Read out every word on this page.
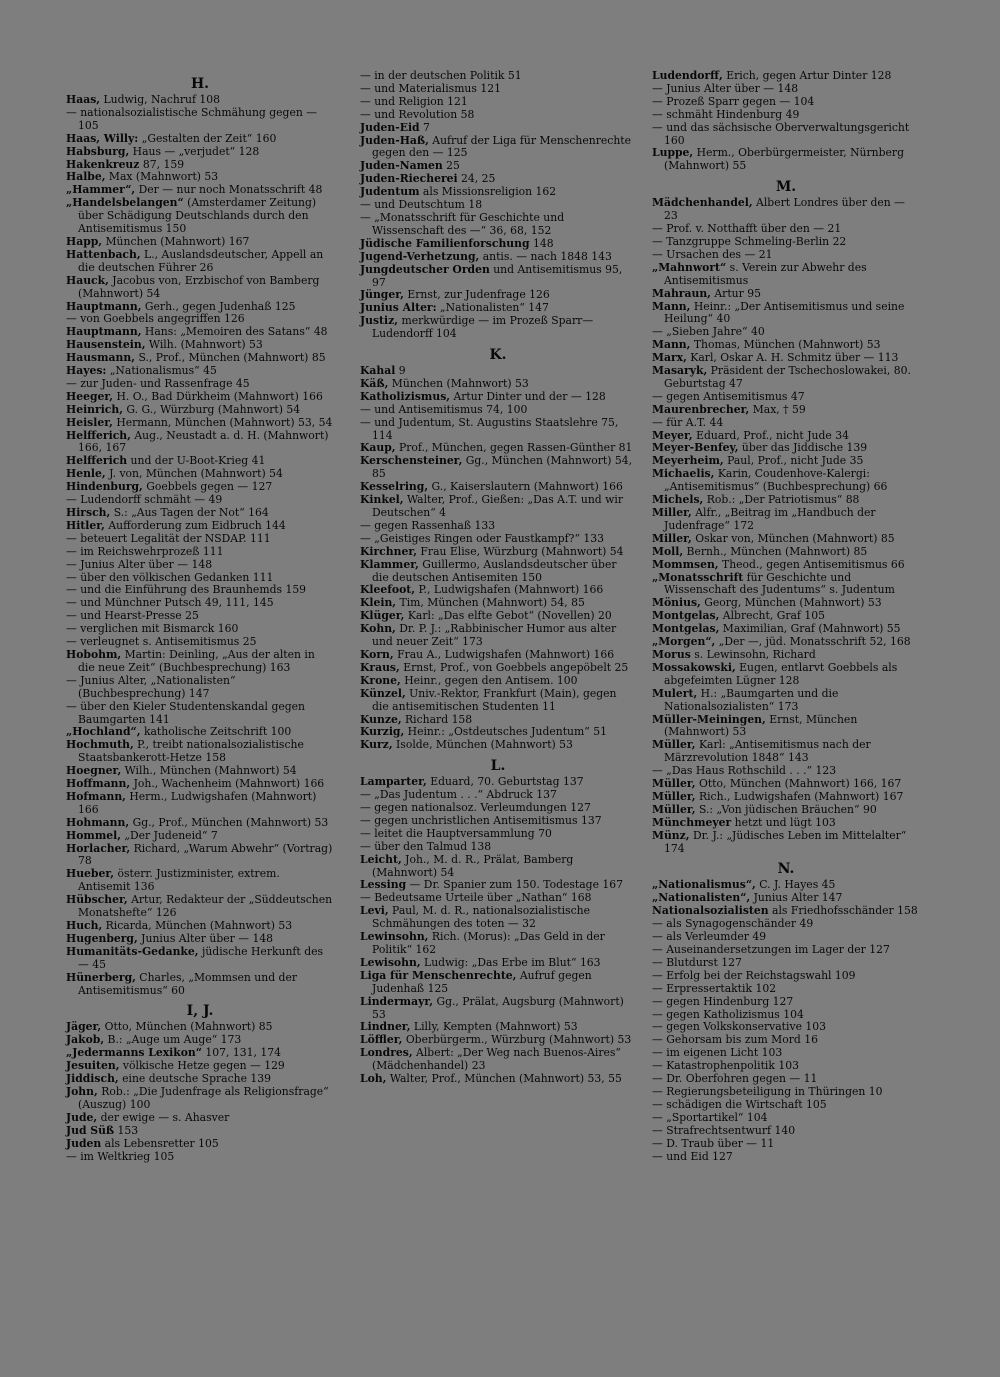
H.
Haas, Ludwig, Nachruf 108
— nationalsozialistische Schmähung gegen — 105
Haas, Willy: „Gestalten der Zeit“ 160
Habsburg, Haus — „verjudet“ 128
Hakenkreuz 87, 159
Halbe, Max (Mahnwort) 53
„Hammer“, Der — nur noch Monatsschrift 48
„Handelsbelangen“ (Amsterdamer Zeitung) über Schädigung Deutschlands durch den Antisemitismus 150
Happ, München (Mahnwort) 167
Hattenbach, L., Auslandsdeutscher, Appell an die deutschen Führer 26
Hauck, Jacobus von, Erzbischof von Bamberg (Mahnwort) 54
Hauptmann, Gerh., gegen Judenhaß 125
— von Goebbels angegriffen 126
Hauptmann, Hans: „Memoiren des Satans“ 48
Hausenstein, Wilh. (Mahnwort) 53
Hausmann, S., Prof., München (Mahnwort) 85
Hayes: „Nationalismus“ 45
— zur Juden- und Rassenfrage 45
Heeger, H. O., Bad Dürkheim (Mahnwort) 166
Heinrich, G. G., Würzburg (Mahnwort) 54
Heisler, Hermann, München (Mahnwort) 53, 54
Helfferich, Aug., Neustadt a. d. H. (Mahnwort) 166, 167
Helfferich und der U-Boot-Krieg 41
Henle, J. von, München (Mahnwort) 54
Hindenburg, Goebbels gegen — 127
— Ludendorff schmäht — 49
Hirsch, S.: „Aus Tagen der Not“ 164
Hitler, Aufforderung zum Eidbruch 144
— beteuert Legalität der NSDAP. 111
— im Reichswehrprozeß 111
— Junius Alter über — 148
— über den völkischen Gedanken 111
— und die Einführung des Braunhemds 159
— und Münchner Putsch 49, 111, 145
— und Hearst-Presse 25
— verglichen mit Bismarck 160
— verleugnet s. Antisemitismus 25
Hobohm, Martin: Deinling, „Aus der alten in die neue Zeit“ (Buchbesprechung) 163
— Junius Alter, „Nationalisten“ (Buchbesprechung) 147
— über den Kieler Studentenskandal gegen Baumgarten 141
„Hochland“, katholische Zeitschrift 100
Hochmuth, P., treibt nationalsozialistische Staatsbankerott-Hetze 158
Hoegner, Wilh., München (Mahnwort) 54
Hoffmann, Joh., Wachenheim (Mahnwort) 166
Hofmann, Herm., Ludwigshafen (Mahnwort) 166
Hohmann, Gg., Prof., München (Mahnwort) 53
Hommel, „Der Judeneid“ 7
Horlacher, Richard, „Warum Abwehr“ (Vortrag) 78
Hueber, österr. Justizminister, extrem. Antisemit 136
Hübscher, Artur, Redakteur der „Süddeutschen Monatshefte“ 126
Huch, Ricarda, München (Mahnwort) 53
Hugenberg, Junius Alter über — 148
Humanitäts-Gedanke, jüdische Herkunft des — 45
Hünerberg, Charles, „Mommsen und der Antisemitismus“ 60
I, J.
Jäger, Otto, München (Mahnwort) 85
Jakob, B.: „Auge um Auge“ 173
„Jedermanns Lexikon“ 107, 131, 174
Jesuiten, völkische Hetze gegen — 129
Jiddisch, eine deutsche Sprache 139
John, Rob.: „Die Judenfrage als Religionsfrage“ (Auszug) 100
Jude, der ewige — s. Ahasver
Jud Süß 153
Juden als Lebensretter 105
— im Weltkrieg 105
— in der deutschen Politik 51
— und Materialismus 121
— und Religion 121
— und Revolution 58
Juden-Eid 7
Juden-Haß, Aufruf der Liga für Menschenrechte gegen den — 125
Juden-Namen 25
Juden-Riecherei 24, 25
Judentum als Missionsreligion 162
— und Deutschtum 18
— „Monatsschrift für Geschichte und Wissenschaft des —“ 36, 68, 152
Jüdische Familienforschung 148
Jugend-Verhetzung, antis. — nach 1848 143
Jungdeutscher Orden und Antisemitismus 95, 97
Jünger, Ernst, zur Judenfrage 126
Junius Alter: „Nationalisten“ 147
Justiz, merkwürdige — im Prozeß Sparr—Ludendorff 104
K.
Kahal 9
Käß, München (Mahnwort) 53
Katholizismus, Artur Dinter und der — 128
— und Antisemitismus 74, 100
— und Judentum, St. Augustins Staatslehre 75, 114
Kaup, Prof., München, gegen Rassen-Günther 81
Kerschensteiner, Gg., München (Mahnwort) 54, 85
Kesselring, G., Kaiserslautern (Mahnwort) 166
Kinkel, Walter, Prof., Gießen: „Das A.T. und wir Deutschen“ 4
— gegen Rassenhaß 133
— „Geistiges Ringen oder Faustkampf?“ 133
Kirchner, Frau Elise, Würzburg (Mahnwort) 54
Klammer, Guillermo, Auslandsdeutscher über die deutschen Antisemiten 150
Kleefoot, P., Ludwigshafen (Mahnwort) 166
Klein, Tim, München (Mahnwort) 54, 85
Klüger, Karl: „Das elfte Gebot“ (Novellen) 20
Kohn, Dr. P. J.: „Rabbinischer Humor aus alter und neuer Zeit“ 173
Korn, Frau A., Ludwigshafen (Mahnwort) 166
Kraus, Ernst, Prof., von Goebbels angepöbelt 25
Krone, Heinr., gegen den Antisem. 100
Künzel, Univ.-Rektor, Frankfurt (Main), gegen die antisemitischen Studenten 11
Kunze, Richard 158
Kurzig, Heinr.: „Ostdeutsches Judentum“ 51
Kurz, Isolde, München (Mahnwort) 53
L.
Lamparter, Eduard, 70. Geburtstag 137
— „Das Judentum . . .“ Abdruck 137
— gegen nationalsoz. Verleumdungen 127
— gegen unchristlichen Antisemitismus 137
— leitet die Hauptversammlung 70
— über den Talmud 138
Leicht, Joh., M. d. R., Prälat, Bamberg (Mahnwort) 54
Lessing — Dr. Spanier zum 150. Todestage 167
— Bedeutsame Urteile über „Nathan“ 168
Levi, Paul, M. d. R., nationalsozialistische Schmähungen des toten — 32
Lewinsohn, Rich. (Morus): „Das Geld in der Politik“ 162
Lewisohn, Ludwig: „Das Erbe im Blut“ 163
Liga für Menschenrechte, Aufruf gegen Judenhaß 125
Lindermayr, Gg., Prälat, Augsburg (Mahnwort) 53
Lindner, Lilly, Kempten (Mahnwort) 53
Löffler, Oberbürgerm., Würzburg (Mahnwort) 53
Londres, Albert: „Der Weg nach Buenos-Aires“ (Mädchenhandel) 23
Loh, Walter, Prof., München (Mahnwort) 53, 55
Ludendorff, Erich, gegen Artur Dinter 128
— Junius Alter über — 148
— Prozeß Sparr gegen — 104
— schmäht Hindenburg 49
— und das sächsische Oberverwaltungsgericht 160
Luppe, Herm., Oberbürgermeister, Nürnberg (Mahnwort) 55
M.
Mädchenhandel, Albert Londres über den — 23
— Prof. v. Notthafft über den — 21
— Tanzgruppe Schmeling-Berlin 22
— Ursachen des — 21
„Mahnwort“ s. Verein zur Abwehr des Antisemitismus
Mahraun, Artur 95
Mann, Heinr.: „Der Antisemitismus und seine Heilung“ 40
— „Sieben Jahre“ 40
Mann, Thomas, München (Mahnwort) 53
Marx, Karl, Oskar A. H. Schmitz über — 113
Masaryk, Präsident der Tschechoslowakei, 80. Geburtstag 47
— gegen Antisemitismus 47
Maurenbrecher, Max, † 59
— für A.T. 44
Meyer, Eduard, Prof., nicht Jude 34
Meyer-Benfey, über das Jiddische 139
Meyerheim, Paul, Prof., nicht Jude 35
Michaelis, Karin, Coudenhove-Kalergi: „Antisemitismus“ (Buchbesprechung) 66
Michels, Rob.: „Der Patriotismus“ 88
Miller, Alfr., „Beitrag im „Handbuch der Judenfrage“ 172
Miller, Oskar von, München (Mahnwort) 85
Moll, Bernh., München (Mahnwort) 85
Mommsen, Theod., gegen Antisemitismus 66
„Monatsschrift für Geschichte und Wissenschaft des Judentums“ s. Judentum
Mönius, Georg, München (Mahnwort) 53
Montgelas, Albrecht, Graf 105
Montgelas, Maximilian, Graf (Mahnwort) 55
„Morgen“, „Der —, jüd. Monatsschrift 52, 168
Morus s. Lewinsohn, Richard
Mossakowski, Eugen, entlarvt Goebbels als abgefeimten Lügner 128
Mulert, H.: „Baumgarten und die Nationalsozialisten“ 173
Müller-Meiningen, Ernst, München (Mahnwort) 53
Müller, Karl: „Antisemitismus nach der Märzrevolution 1848“ 143
— „Das Haus Rothschild . . .“ 123
Müller, Otto, München (Mahnwort) 166, 167
Müller, Rich., Ludwigshafen (Mahnwort) 167
Müller, S.: „Von jüdischen Bräuchen“ 90
Münchmeyer hetzt und lügt 103
Münz, Dr. J.: „Jüdisches Leben im Mittelalter“ 174
N.
„Nationalismus“, C. J. Hayes 45
„Nationalisten“, Junius Alter 147
Nationalsozialisten als Friedhofsschänder 158
— als Synagogenschänder 49
— als Verleumder 49
— Auseinandersetzungen im Lager der 127
— Blutdurst 127
— Erfolg bei der Reichstagswahl 109
— Erpressertaktik 102
— gegen Hindenburg 127
— gegen Katholizismus 104
— gegen Volkskonservative 103
— Gehorsam bis zum Mord 16
— im eigenen Licht 103
— Katastrophenpolitik 103
— Dr. Oberfohren gegen — 11
— Regierungsbeteiligung in Thüringen 10
— schädigen die Wirtschaft 105
— „Sportartikel“ 104
— Strafrechtsentwurf 140
— D. Traub über — 11
— und Eid 127
